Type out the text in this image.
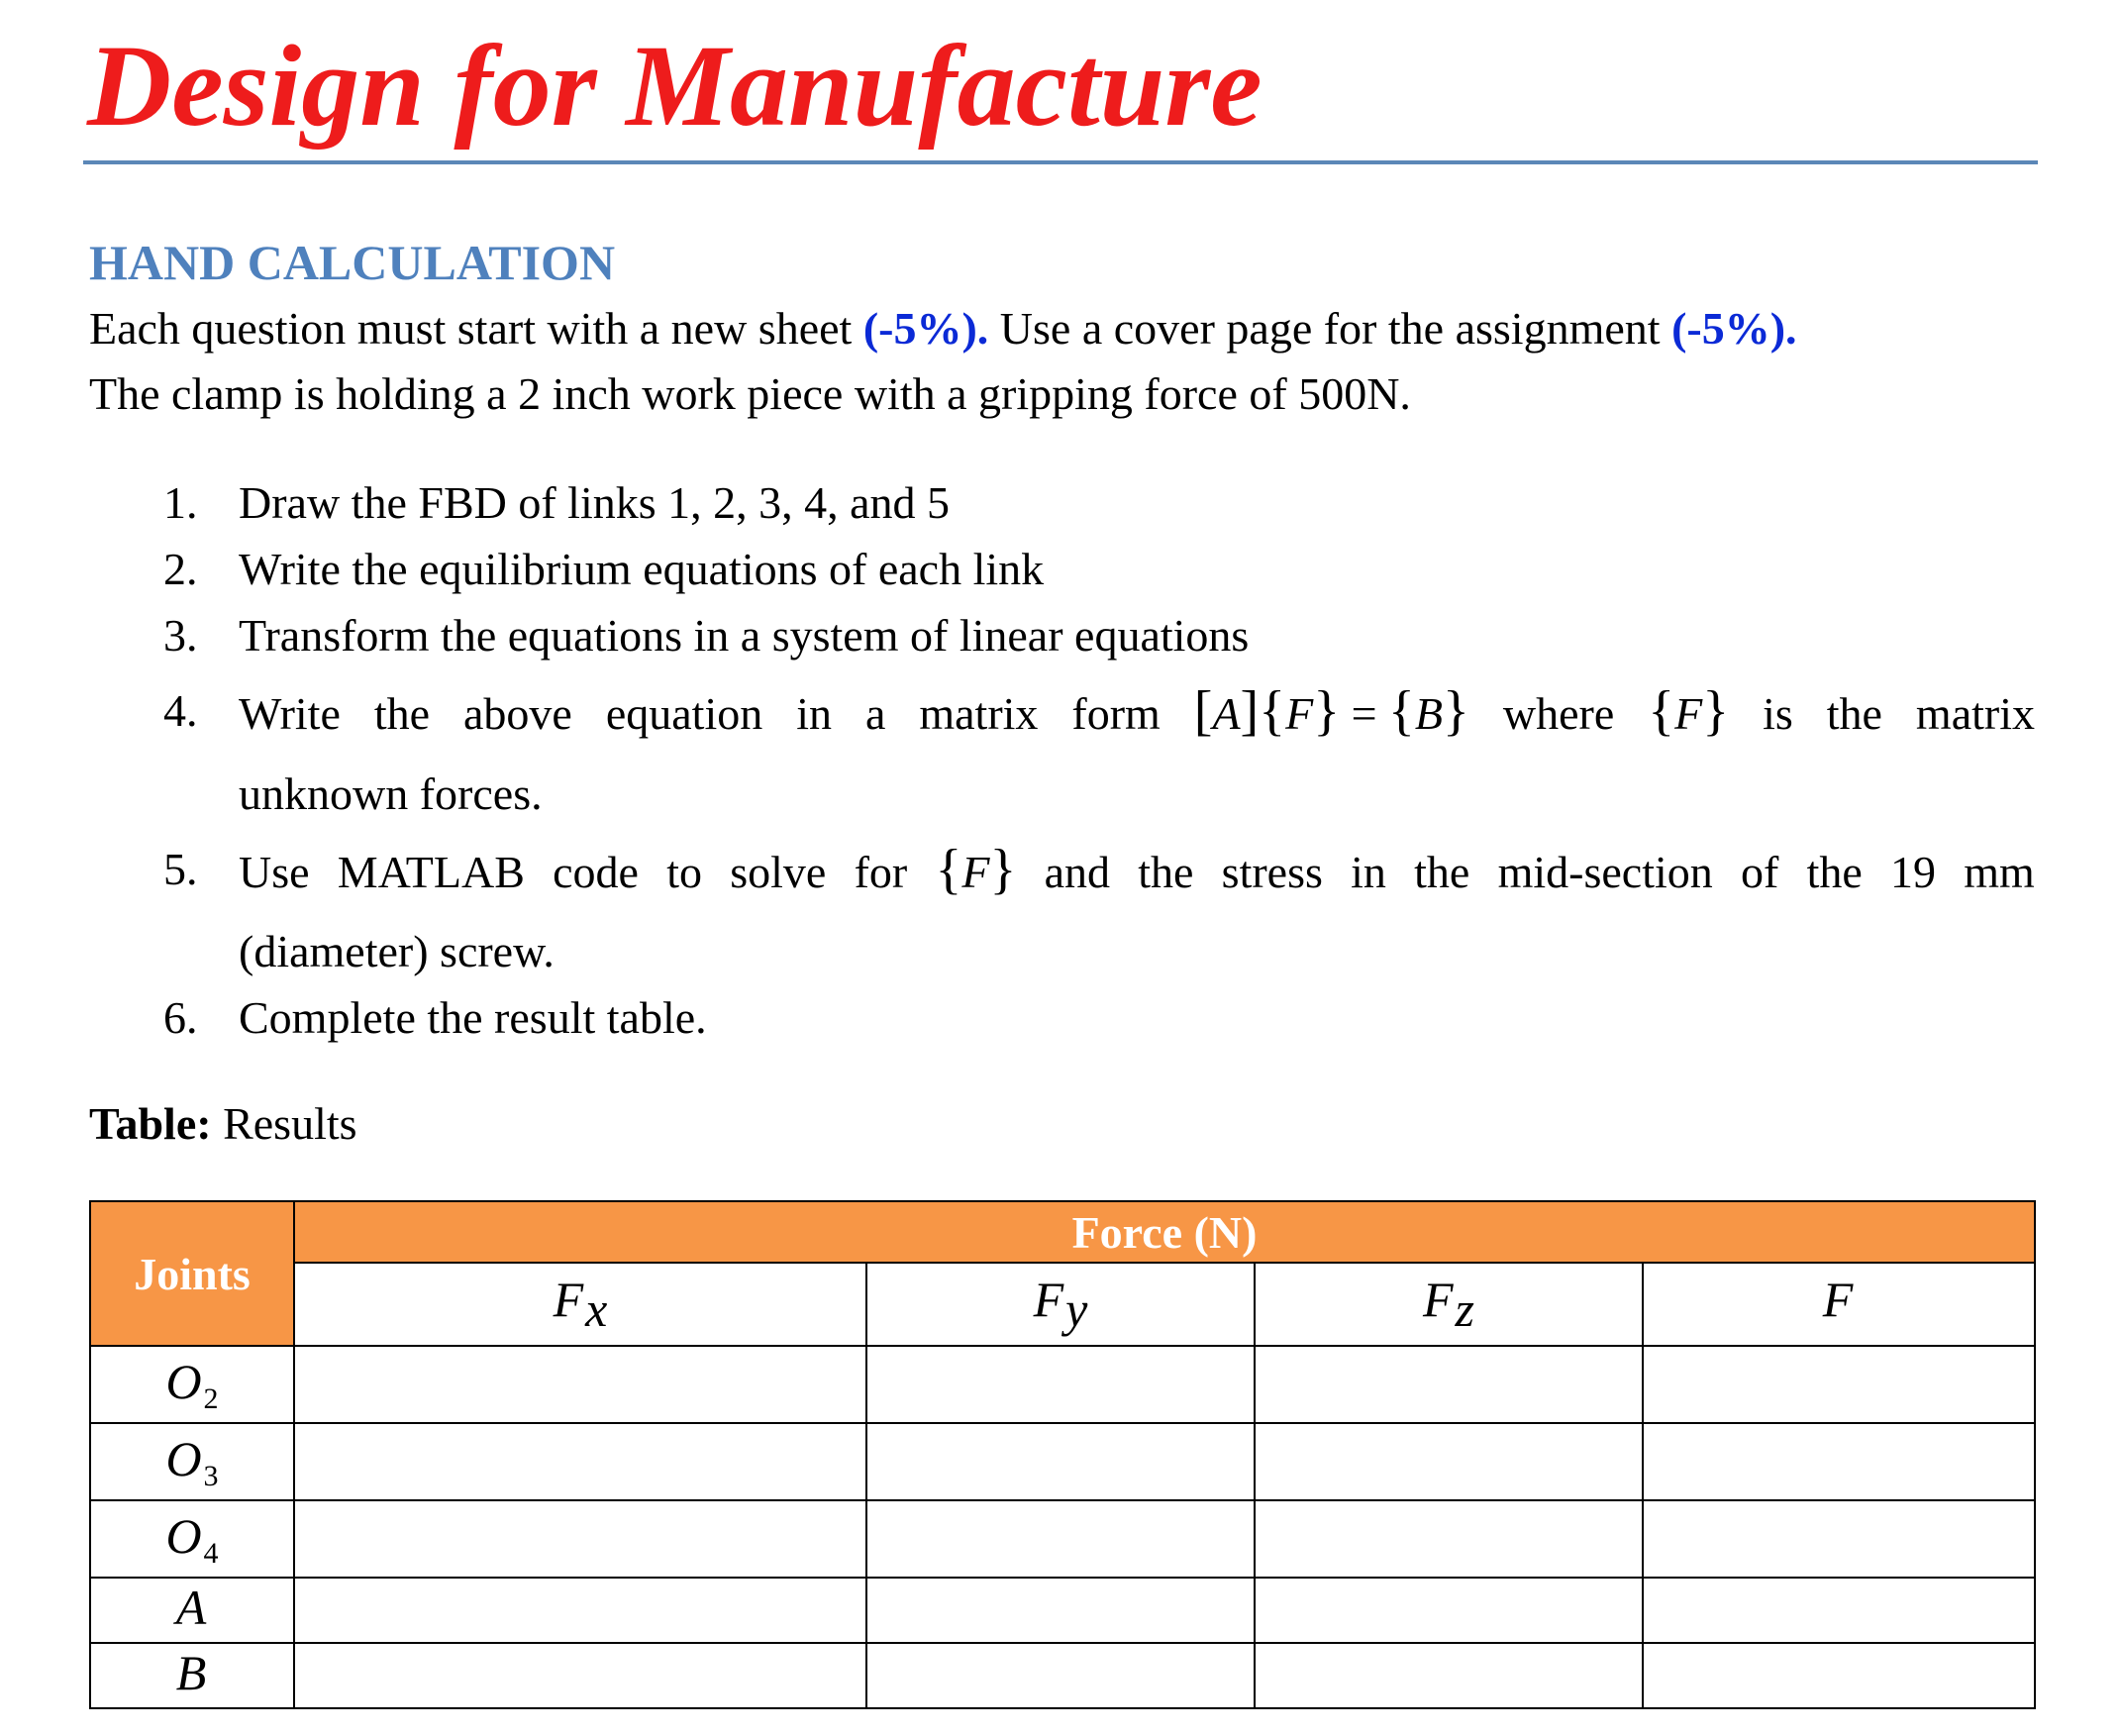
Design for Manufacture
HAND CALCULATION

Each question must start with a new sheet (-5%). Use a cover page for the assignment (-5%).

The clamp is holding a 2 inch work piece with a gripping force of 500N.

1. Draw the FBD of links 1, 2, 3, 4, and 5
2. Write the equilibrium equations of each link
3. Transform the equations in a system of linear equations
4. Write the above equation in a matrix form [A]{F} = {B} where {F} is the matrix
unknown forces.
5. Use MATLAB code to solve for {F} and the stress in the mid-section of the 19 mm
(diameter) screw.
6. Complete the result table.

Table: Results

Joints	Force (N)			
	Fx	Fy	Fz	F
$O_2$				
$O_3$				
$O_4$				
A				
B				
